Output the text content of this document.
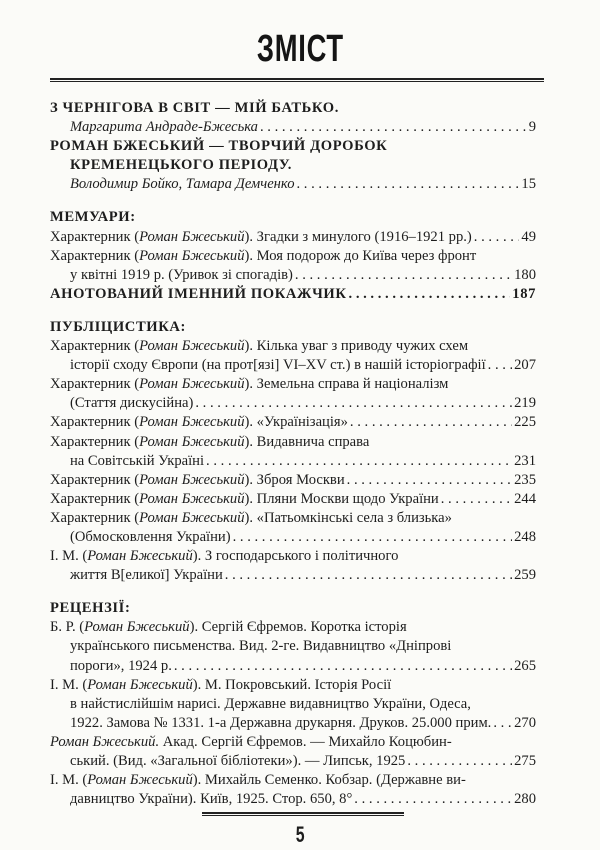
ЗМІСТ
З ЧЕРНІГОВА В СВІТ — МІЙ БАТЬКО.
Маргарита Андраде-Бжеська . . .	9
РОМАН БЖЕСЬКИЙ — ТВОРЧИЙ ДОРОБОК
КРЕМЕНЕЦЬКОГО ПЕРІОДУ.
Володимир Бойко, Тамара Демченко . . .	15
МЕМУАРИ:
Характерник (Роман Бжеський). Згадки з минулого (1916–1921 рр.) . . .	49
Характерник (Роман Бжеський). Моя подорож до Київа через фронт
у квітні 1919 р. (Уривок зі спогадів) . . .	180
АНОТОВАНИЙ ІМЕННИЙ ПОКАЖЧИК . . .	187
ПУБЛІЦИСТИКА:
Характерник (Роман Бжеський). Кілька уваг з приводу чужих схем
історії сходу Європи (на прот[язі] VI–XV ст.) в нашій історіографії . . . 207
Характерник (Роман Бжеський). Земельна справа й націоналізм
(Стаття дискусійна) . . .	219
Характерник (Роман Бжеський). «Українізація» . . .	225
Характерник (Роман Бжеський). Видавнича справа
на Совітській Україні . . .	231
Характерник (Роман Бжеський). Зброя Москви . . .	235
Характерник (Роман Бжеський). Пляни Москви щодо України . . .	244
Характерник (Роман Бжеський). «Патьомкінські села з близька»
(Обмосковлення України) . . .	248
І. М. (Роман Бжеський). З господарського і політичного
життя В[еликої] України . . .	259
РЕЦЕНЗІЇ:
Б. Р. (Роман Бжеський). Сергій Єфремов. Коротка історія
українського письменства. Вид. 2-ге. Видавництво «Дніпрові
пороги», 1924 р. . . .	265
І. М. (Роман Бжеський). М. Покровський. Історія Росії
в найстислійшім нарисі. Державне видавництво України, Одеса,
1922. Замова № 1331. 1-а Державна друкарня. Друков. 25.000 прим. . . . 270
Роман Бжеський. Акад. Сергій Єфремов. — Михайло Коцюбин-
ський. (Вид. «Загальної бібліотеки»). — Липськ, 1925 . . .	275
І. М. (Роман Бжеський). Михайль Семенко. Кобзар. (Державне ви-
давництво України). Київ, 1925. Стор. 650, 8° . . .	280
5
